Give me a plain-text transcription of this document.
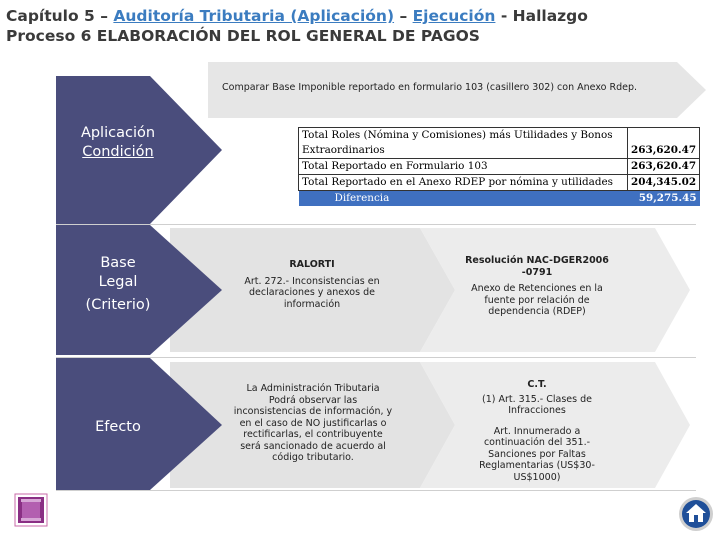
Capítulo 5 – Auditoría Tributaria (Aplicación) – Ejecución - Hallazgo
Proceso 6 ELABORACIÓN DEL ROL GENERAL DE PAGOS
Comparar Base Imponible reportado en formulario 103 (casillero 302) con Anexo Rdep.
Aplicación
Condición
Base
Legal
(Criterio)
Efecto
Total Roles (Nómina y Comisiones) más Utilidades y Bonos Extraordinarios	263,620.47
Total Reportado en Formulario 103	263,620.47
Total Reportado en el Anexo RDEP por nómina y utilidades	204,345.02
Diferencia	59,275.45

RALORTI

Art. 272.- Inconsistencias en declaraciones y anexos de información

Resolución NAC-DGER2006 -0791

Anexo de Retenciones en la fuente por relación de dependencia (RDEP)

La Administración Tributaria Podrá observar las inconsistencias de información, y en el caso de NO justificarlas o rectificarlas, el contribuyente será sancionado de acuerdo al código tributario.

C.T.

(1) Art. 315.- Clases de Infracciones

Art. Innumerado a continuación del 351.- Sanciones por Faltas Reglamentarias (US$30-US$1000)
